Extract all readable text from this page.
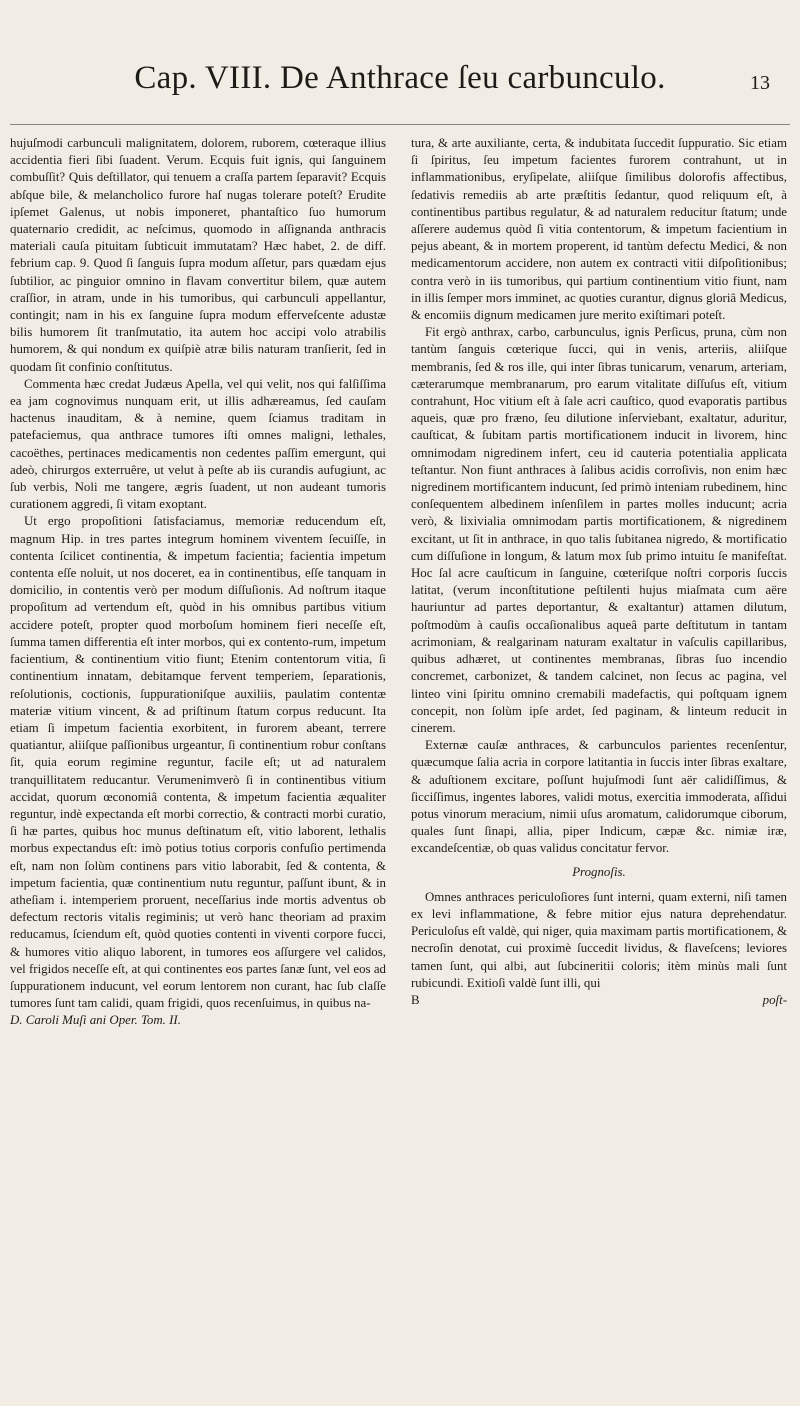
Cap. VIII. De Anthrace ſeu carbunculo.	13

hujuſmodi carbunculi malignitatem, dolorem, ruborem, cœteraque illius accidentia fieri ſibi ſuadent. Verum. Ecquis fuit ignis, qui ſanguinem combuſſit? Quis deſtillator, qui tenuem a craſſa partem ſeparavit? Ecquis abſque bile, & melancholico furore haſ nugas tolerare poteſt? Erudite ipſemet Galenus, ut nobis imponeret, phantaſtico ſuo humorum quaternario credidit, ac neſcimus, quomodo in aſſignanda anthracis materiali cauſa pituitam ſubticuit immutatam? Hæc habet, 2. de diff. febrium cap. 9. Quod ſi ſanguis ſupra modum aſſetur, pars quædam ejus ſubtilior, ac pinguior omnino in flavam convertitur bilem, quæ autem craſſior, in atram, unde in his tumoribus, qui carbunculi appellantur, contingit; nam in his ex ſanguine ſupra modum efferveſcente adustæ bilis humorem ſit tranſmutatio, ita autem hoc accipi volo atrabilis humorem, & qui nondum ex quiſpiè atræ bilis naturam tranſierit, ſed in quodam ſit confinio conſtitutus.

Commenta hæc credat Judæus Apella, vel qui velit, nos qui falſiſſima ea jam cognovimus nunquam erit, ut illis adhæreamus, ſed cauſam hactenus inauditam, & à nemine, quem ſciamus traditam in patefaciemus, qua anthrace tumores iſti omnes maligni, lethales, cacoëthes, pertinaces medicamentis non cedentes paſſim emergunt, qui adeò, chirurgos exterruêre, ut velut à peſte ab iis curandis aufugiunt, ac ſub verbis, Noli me tangere, ægris ſuadent, ut non audeant tumoris curationem aggredi, ſi vitam exoptant.

Ut ergo propoſitioni ſatisfaciamus, memoriæ reducendum eſt, magnum Hip. in tres partes integrum hominem viventem ſecuiſſe, in contenta ſcilicet continentia, & impetum facientia; facientia impetum contenta eſſe noluit, ut nos doceret, ea in continentibus, eſſe tanquam in domicilio, in contentis verò per modum diſſuſionis. Ad noſtrum itaque propoſitum ad vertendum eſt, quòd in his omnibus partibus vitium accidere poteſt, propter quod morboſum hominem fieri neceſſe eſt, ſumma tamen differentia eſt inter morbos, qui ex contento-rum, impetum facientium, & continentium vitio fiunt; Etenim contentorum vitia, ſi continentium innatam, debitamque fervent temperiem, ſeparationis, reſolutionis, coctionis, ſuppurationiſque auxiliis, paulatim contentæ materiæ vitium vincent, & ad priſtinum ſtatum corpus reducunt. Ita etiam ſi impetum facientia exorbitent, in furorem abeant, terrere quatiantur, aliiſque paſſionibus urgeantur, ſi continentium robur conſtans ſit, quia eorum regimine reguntur, facile eſt; ut ad naturalem tranquillitatem reducantur. Verumenimverò ſi in continentibus vitium accidat, quorum œconomiâ contenta, & impetum facientia æqualiter reguntur, indè expectanda eſt morbi correctio, & contracti morbi curatio, ſi hæ partes, quibus hoc munus deſtinatum eſt, vitio laborent, lethalis morbus expectandus eſt: imò potius totius corporis confuſio pertimenda eſt, nam non ſolùm continens pars vitio laborabit, ſed & contenta, & impetum facientia, quæ continentium nutu reguntur, paſſunt ibunt, & in atheſiam i. intemperiem proruent, neceſſarius inde mortis adventus ob defectum rectoris vitalis regiminis; ut verò hanc theoriam ad praxim reducamus, ſciendum eſt, quòd quoties contenti in viventi corpore fucci, & humores vitio aliquo laborent, in tumores eos aſſurgere vel calidos, vel frigidos neceſſe eſt, at qui continentes eos partes ſanæ ſunt, vel eos ad ſuppurationem inducunt, vel eorum lentorem non curant, hac ſub claſſe tumores ſunt tam calidi, quam frigidi, quos recenſuimus, in quibus na-

D. Caroli Muſi ani Oper. Tom. II.

tura, & arte auxiliante, certa, & indubitata ſuccedit ſuppuratio. Sic etiam ſi ſpiritus, ſeu impetum facientes furorem contrahunt, ut in inflammationibus, eryſipelate, aliiſque ſimilibus dolorofis affectibus, ſedativis remediis ab arte præſtitis ſedantur, quod reliquum eſt, à continentibus partibus regulatur, & ad naturalem reducitur ſtatum; unde aſſerere audemus quòd ſi vitia contentorum, & impetum facientium in pejus abeant, & in mortem properent, id tantùm defectu Medici, & non medicamentorum accidere, non autem ex contracti vitii diſpoſitionibus; contra verò in iis tumoribus, qui partium continentium vitio fiunt, nam in illis ſemper mors imminet, ac quoties curantur, dignus gloriâ Medicus, & encomiis dignum medicamen jure merito exiſtimari poteſt.

Fit ergò anthrax, carbo, carbunculus, ignis Perſicus, pruna, cùm non tantùm ſanguis cœterique ſucci, qui in venis, arteriis, aliiſque membranis, ſed & ros ille, qui inter ſibras tunicarum, venarum, arteriam, cæterarumque membranarum, pro earum vitalitate diſſuſus eſt, vitium contrahunt, Hoc vitium eſt à ſale acri cauſtico, quod evaporatis partibus aqueis, quæ pro fræno, ſeu dilutione inſerviebant, exaltatur, aduritur, cauſticat, & ſubitam partis mortificationem inducit in livorem, hinc omnimodam nigredinem infert, ceu id cauteria potentialia applicata teſtantur. Non fiunt anthraces à ſalibus acidis corroſivis, non enim hæc nigredinem mortificantem inducunt, ſed primò inteniam rubedinem, hinc conſequentem albedinem inſenſilem in partes molles inducunt; acria verò, & lixivialia omnimodam partis mortificationem, & nigredinem excitant, ut ſit in anthrace, in quo talis ſubitanea nigredo, & mortificatio cum diſſuſione in longum, & latum mox ſub primo intuitu ſe manifeſtat. Hoc ſal acre cauſticum in ſanguine, cœteriſque noſtri corporis ſuccis latitat, (verum inconſtitutione peſtilenti hujus miaſmata cum aëre hauriuntur ad partes deportantur, & exaltantur) attamen dilutum, poſtmodùm à cauſis occaſionalibus aqueâ parte deſtitutum in tantam acrimoniam, & realgarinam naturam exaltatur in vaſculis capillaribus, quibus adhæret, ut continentes membranas, ſibras ſuo incendio concremet, carbonizet, & tandem calcinet, non ſecus ac pagina, vel linteo vini ſpiritu omnino cremabili madefactis, qui poſtquam ignem concepit, non ſolùm ipſe ardet, ſed paginam, & linteum reducit in cinerem.

Externæ cauſæ anthraces, & carbunculos parientes recenſentur, quæcumque ſalia acria in corpore latitantia in ſuccis inter ſibras exaltare, & aduſtionem excitare, poſſunt hujuſmodi ſunt aër calidiſſimus, & ſicciſſimus, ingentes labores, validi motus, exercitia immoderata, aſſidui potus vinorum meracium, nimii uſus aromatum, calidorumque ciborum, quales ſunt ſinapi, allia, piper Indicum, cæpæ &c. nimiæ iræ, excandeſcentiæ, ob quas validus concitatur fervor.

Prognoſis.

Omnes anthraces periculoſiores ſunt interni, quam externi, niſi tamen ex levi inflammatione, & febre mitior ejus natura deprehendatur. Periculoſus eſt valdè, qui niger, quia maximam partis mortificationem, & necroſin denotat, cui proximè ſuccedit lividus, & flaveſcens; leviores tamen ſunt, qui albi, aut ſubcineritii coloris; itèm minùs mali ſunt rubicundi. Exitioſi valdè ſunt illi, qui

B	poſt-
